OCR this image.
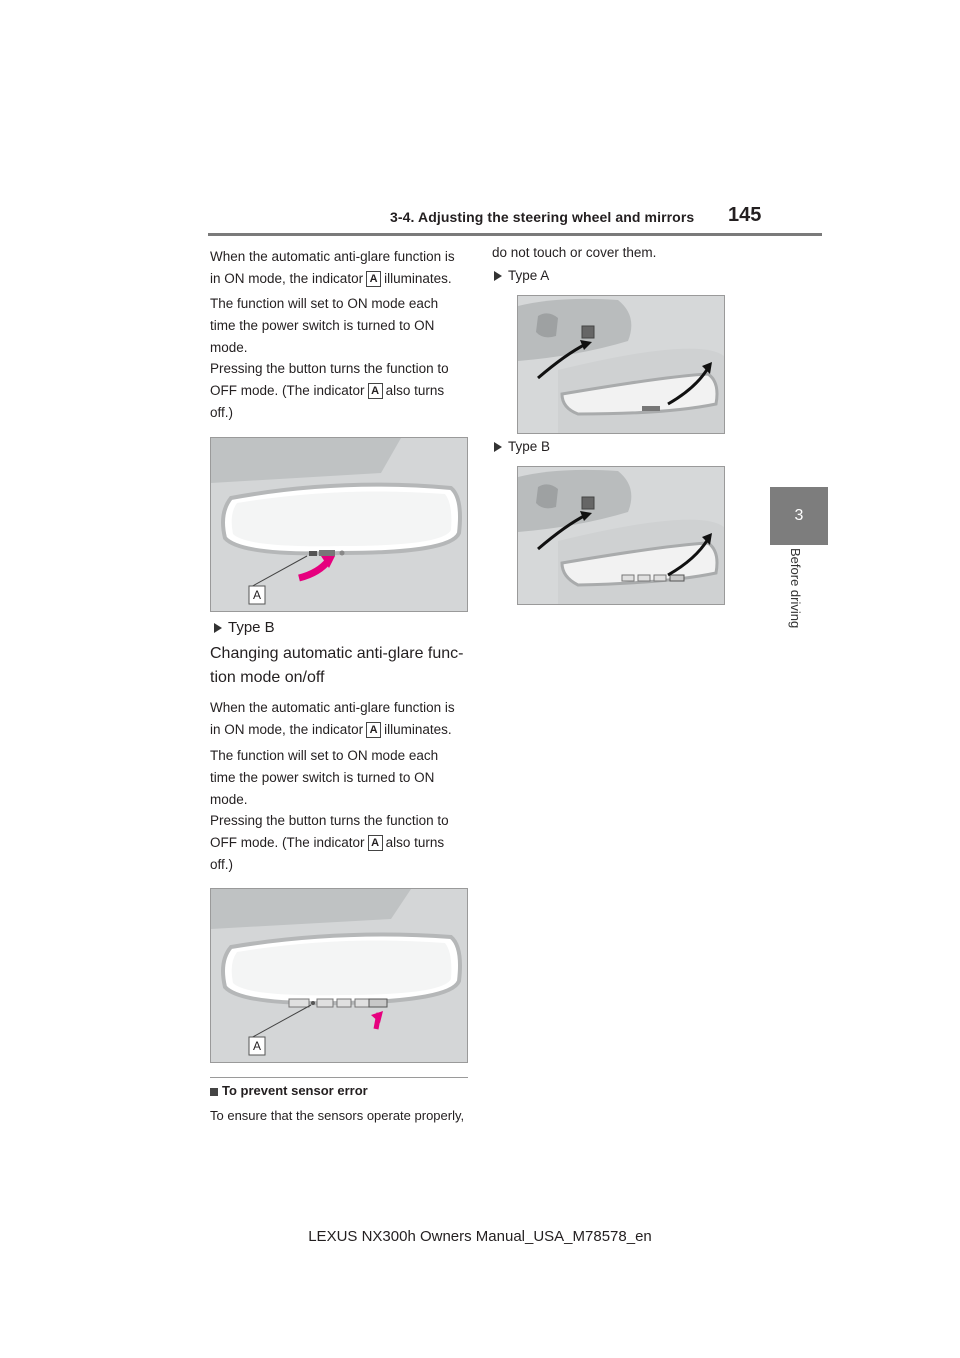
3-4. Adjusting the steering wheel and mirrors 145
3
Before driving
When the automatic anti-glare function is
in ON mode, the indicator A illuminates.
The function will set to ON mode each time the power switch is turned to ON mode.
Pressing the button turns the function to
OFF mode. (The indicator A also turns
off.)
A
Type B
Changing automatic anti-glare func- tion mode on/off
When the automatic anti-glare function is
in ON mode, the indicator A illuminates.
The function will set to ON mode each time the power switch is turned to ON mode.
Pressing the button turns the function to
OFF mode. (The indicator A also turns
off.)
A
To prevent sensor error
To ensure that the sensors operate properly,
do not touch or cover them.
Type A
Type B
LEXUS NX300h Owners Manual_USA_M78578_en
